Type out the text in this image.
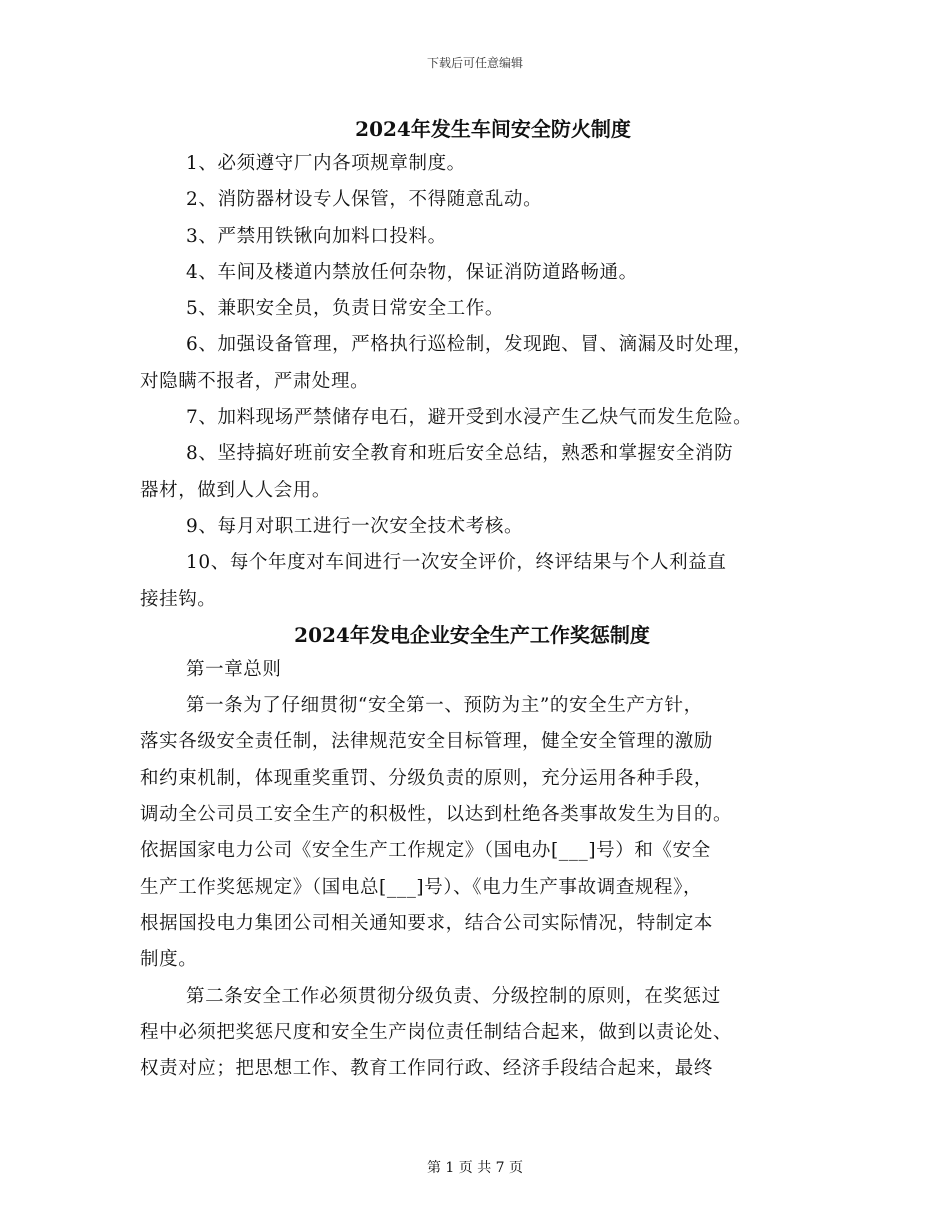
下载后可任意编辑
2024年发生车间安全防火制度

1、必须遵守厂内各项规章制度。

2、消防器材设专人保管，不得随意乱动。

3、严禁用铁锹向加料口投料。

4、车间及楼道内禁放任何杂物，保证消防道路畅通。

5、兼职安全员，负责日常安全工作。

6、加强设备管理，严格执行巡检制，发现跑、冒、滴漏及时处理，
对隐瞒不报者，严肃处理。

7、加料现场严禁储存电石，避开受到水浸产生乙炔气而发生危险。

8、坚持搞好班前安全教育和班后安全总结，熟悉和掌握安全消防
器材，做到人人会用。

9、每月对职工进行一次安全技术考核。

10、每个年度对车间进行一次安全评价，终评结果与个人利益直
接挂钩。

2024年发电企业安全生产工作奖惩制度

第一章总则

第一条为了仔细贯彻“安全第一、预防为主”的安全生产方针，
落实各级安全责任制，法律规范安全目标管理，健全安全管理的激励
和约束机制，体现重奖重罚、分级负责的原则，充分运用各种手段，
调动全公司员工安全生产的积极性，以达到杜绝各类事故发生为目的。
依据国家电力公司《安全生产工作规定》（国电办[___]号）和《安全
生产工作奖惩规定》（国电总[___]号）、《电力生产事故调查规程》，
根据国投电力集团公司相关通知要求，结合公司实际情况，特制定本
制度。

第二条安全工作必须贯彻分级负责、分级控制的原则，在奖惩过
程中必须把奖惩尺度和安全生产岗位责任制结合起来，做到以责论处、
权责对应；把思想工作、教育工作同行政、经济手段结合起来，最终

第 1 页 共 7 页
